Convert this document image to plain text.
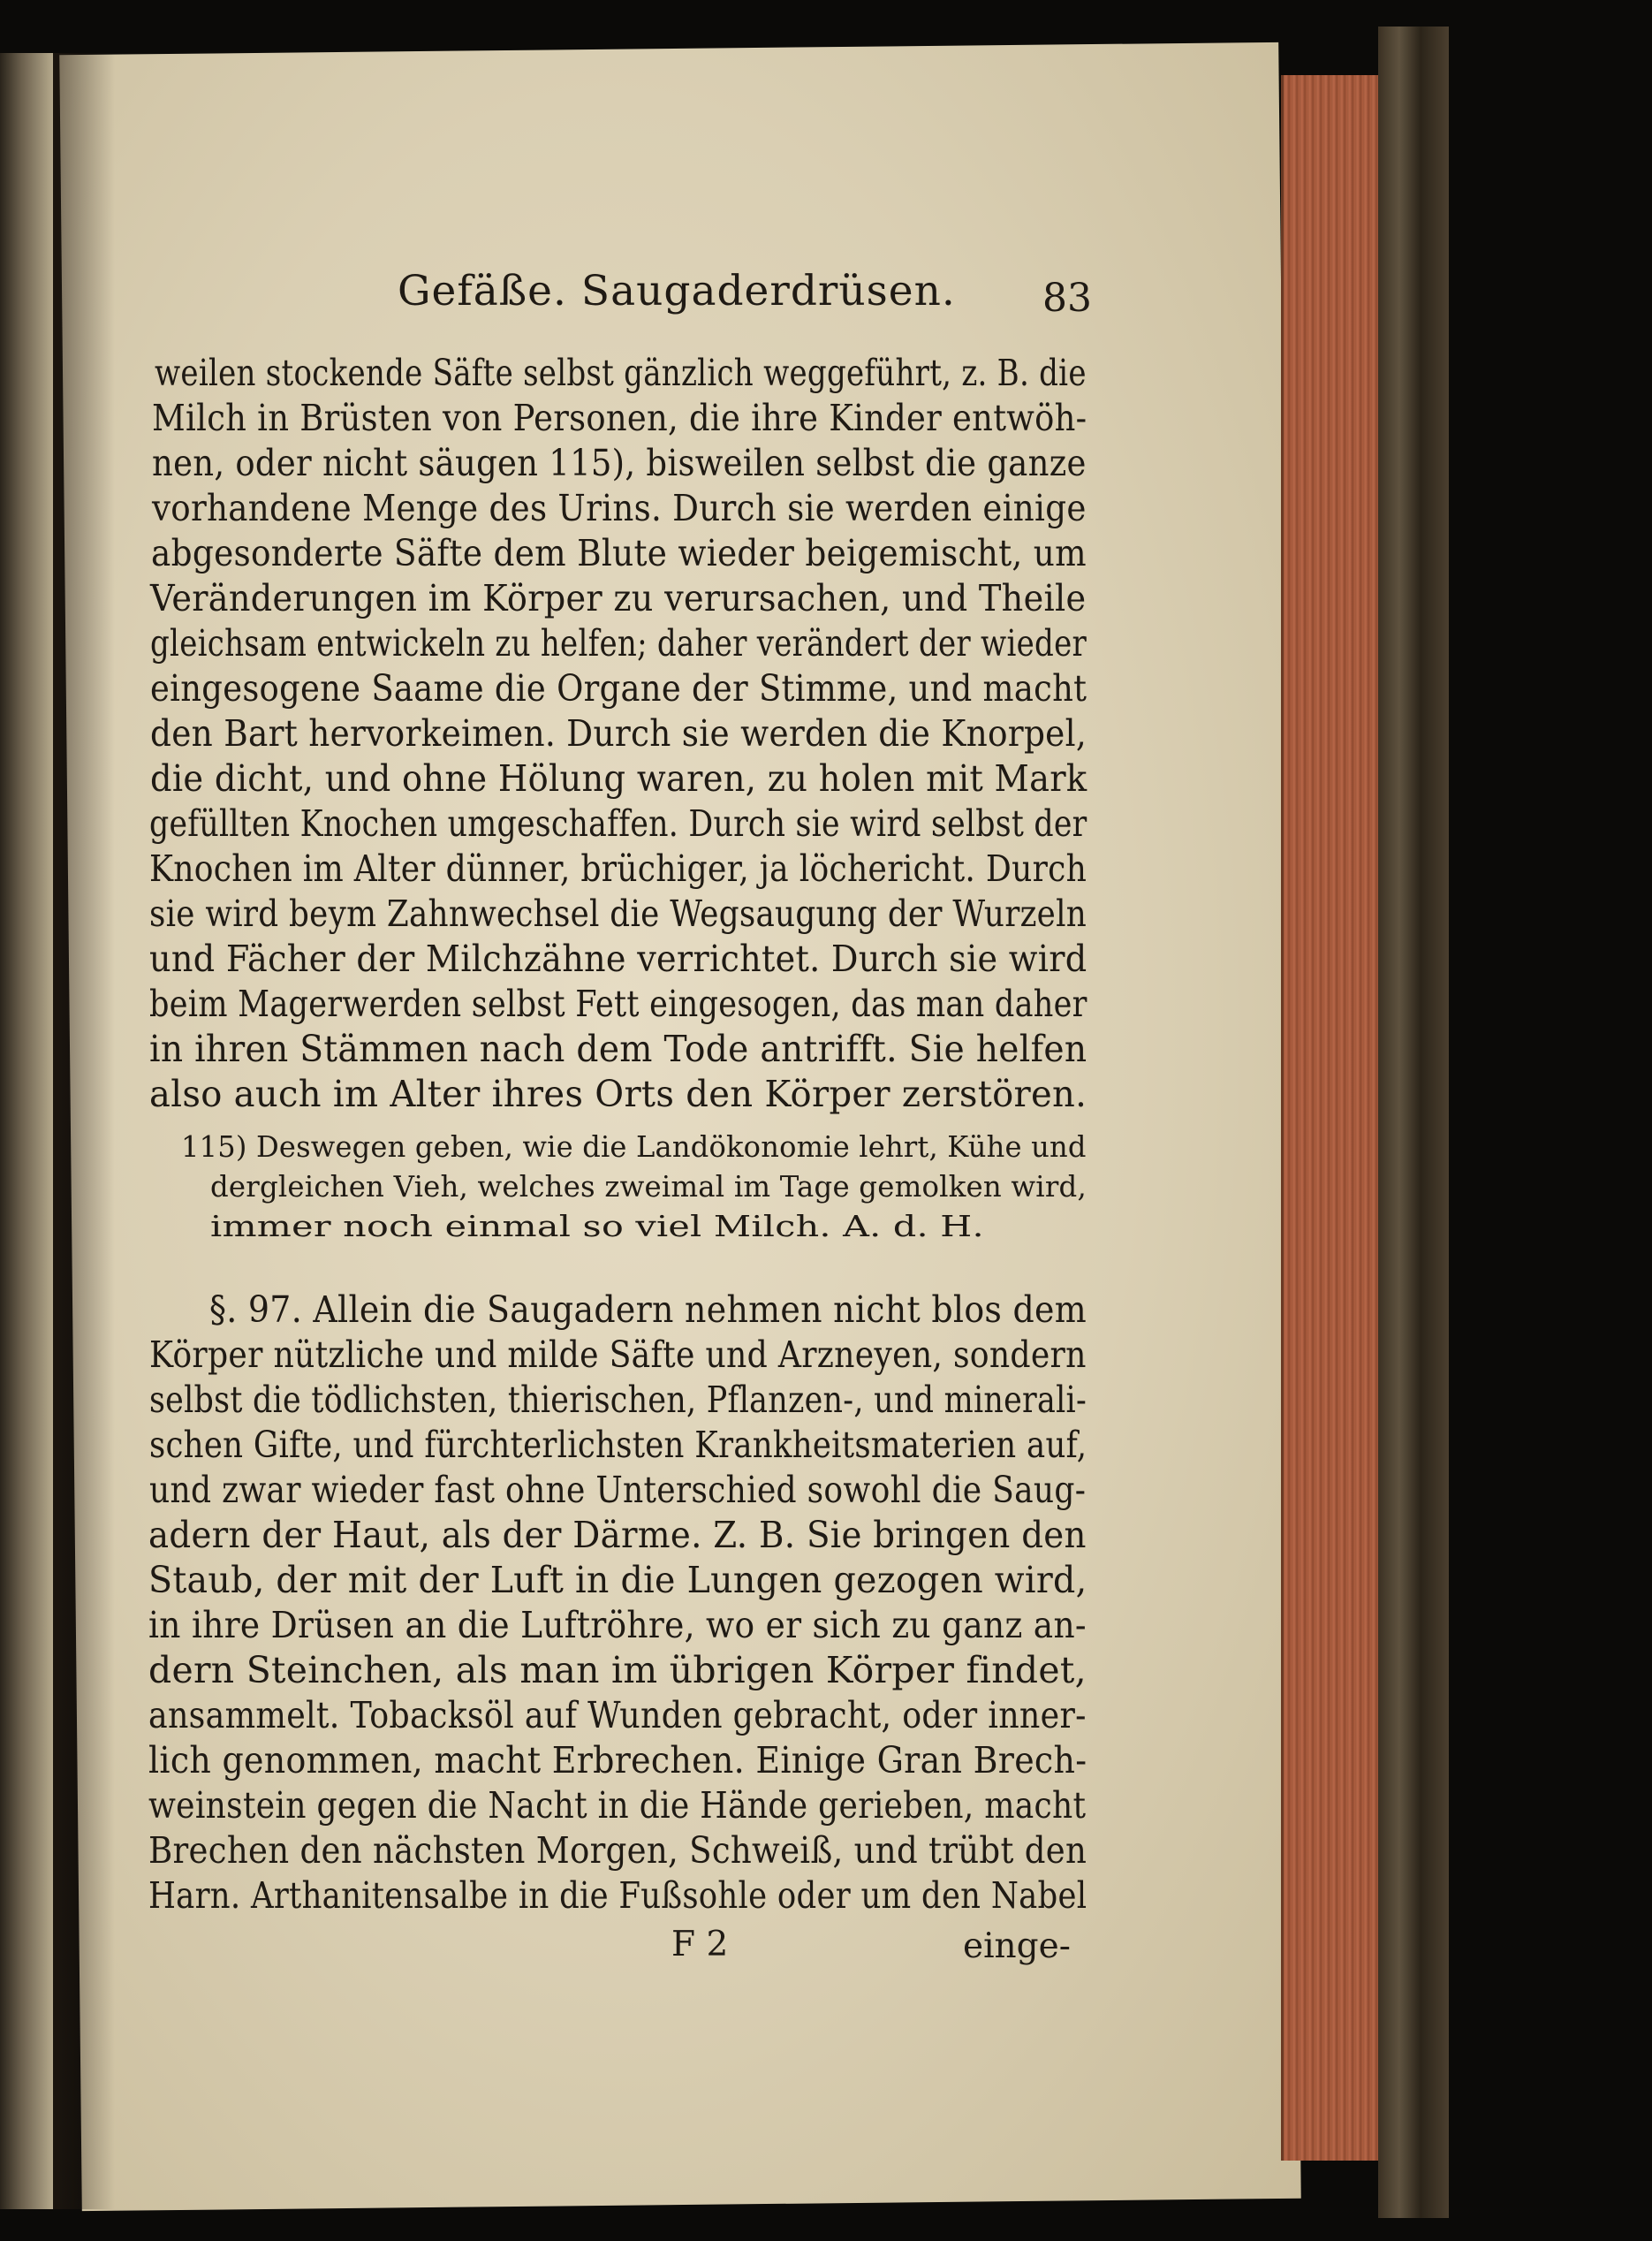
Gefäße. Saugaderdrüsen. 83
weilen stockende Säfte selbst gänzlich weggeführt, z. B. die
Milch in Brüsten von Personen, die ihre Kinder entwöh-
nen, oder nicht säugen 115), bisweilen selbst die ganze
vorhandene Menge des Urins. Durch sie werden einige
abgesonderte Säfte dem Blute wieder beigemischt, um
Veränderungen im Körper zu verursachen, und Theile
gleichsam entwickeln zu helfen; daher verändert der wieder
eingesogene Saame die Organe der Stimme, und macht
den Bart hervorkeimen. Durch sie werden die Knorpel,
die dicht, und ohne Hölung waren, zu holen mit Mark
gefüllten Knochen umgeschaffen. Durch sie wird selbst der
Knochen im Alter dünner, brüchiger, ja löchericht. Durch
sie wird beym Zahnwechsel die Wegsaugung der Wurzeln
und Fächer der Milchzähne verrichtet. Durch sie wird
beim Magerwerden selbst Fett eingesogen, das man daher
in ihren Stämmen nach dem Tode antrifft. Sie helfen
also auch im Alter ihres Orts den Körper zerstören.
115) Deswegen geben, wie die Landökonomie lehrt, Kühe und
dergleichen Vieh, welches zweimal im Tage gemolken wird,
immer noch einmal so viel Milch. A. d. H.
§. 97. Allein die Saugadern nehmen nicht blos dem
Körper nützliche und milde Säfte und Arzneyen, sondern
selbst die tödlichsten, thierischen, Pflanzen-, und minerali-
schen Gifte, und fürchterlichsten Krankheitsmaterien auf,
und zwar wieder fast ohne Unterschied sowohl die Saug-
adern der Haut, als der Därme. Z. B. Sie bringen den
Staub, der mit der Luft in die Lungen gezogen wird,
in ihre Drüsen an die Luftröhre, wo er sich zu ganz an-
dern Steinchen, als man im übrigen Körper findet,
ansammelt. Tobacksöl auf Wunden gebracht, oder inner-
lich genommen, macht Erbrechen. Einige Gran Brech-
weinstein gegen die Nacht in die Hände gerieben, macht
Brechen den nächsten Morgen, Schweiß, und trübt den
Harn. Arthanitensalbe in die Fußsohle oder um den Nabel
F 2	einge-
